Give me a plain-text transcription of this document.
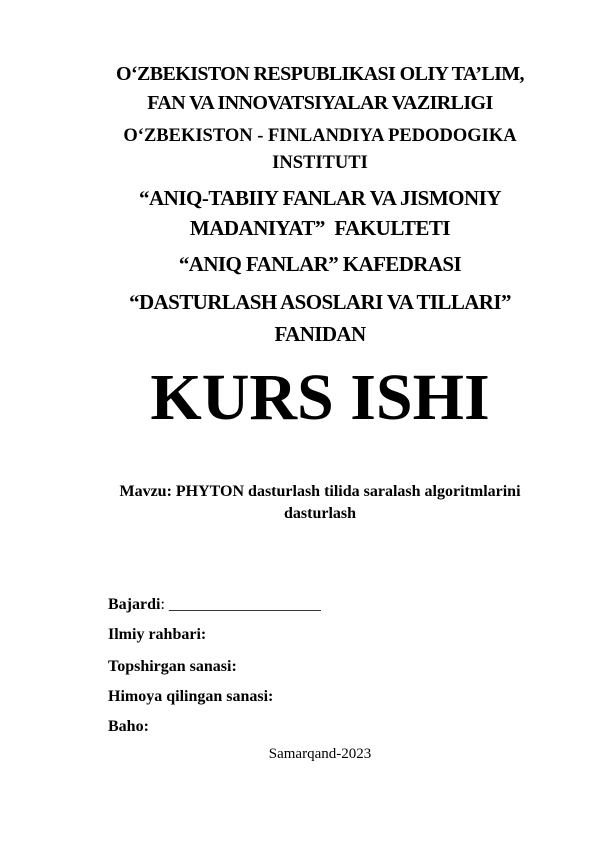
O‘ZBEKISTON RESPUBLIKASI OLIY TA’LIM,
FAN VA INNOVATSIYALAR VAZIRLIGI
O‘ZBEKISTON - FINLANDIYA PEDODOGIKA
INSTITUTI
“ANIQ-TABIIY FANLAR VA JISMONIY
MADANIYAT”  FAKULTETI
“ANIQ FANLAR” KAFEDRASI
“DASTURLASH ASOSLARI VA TILLARI”
FANIDAN
KURS ISHI
Mavzu: PHYTON dasturlash tilida saralash algoritmlarini
dasturlash
Bajardi: ___________________
Ilmiy rahbari:
Topshirgan sanasi:
Himoya qilingan sanasi:
Baho:
Samarqand-2023
